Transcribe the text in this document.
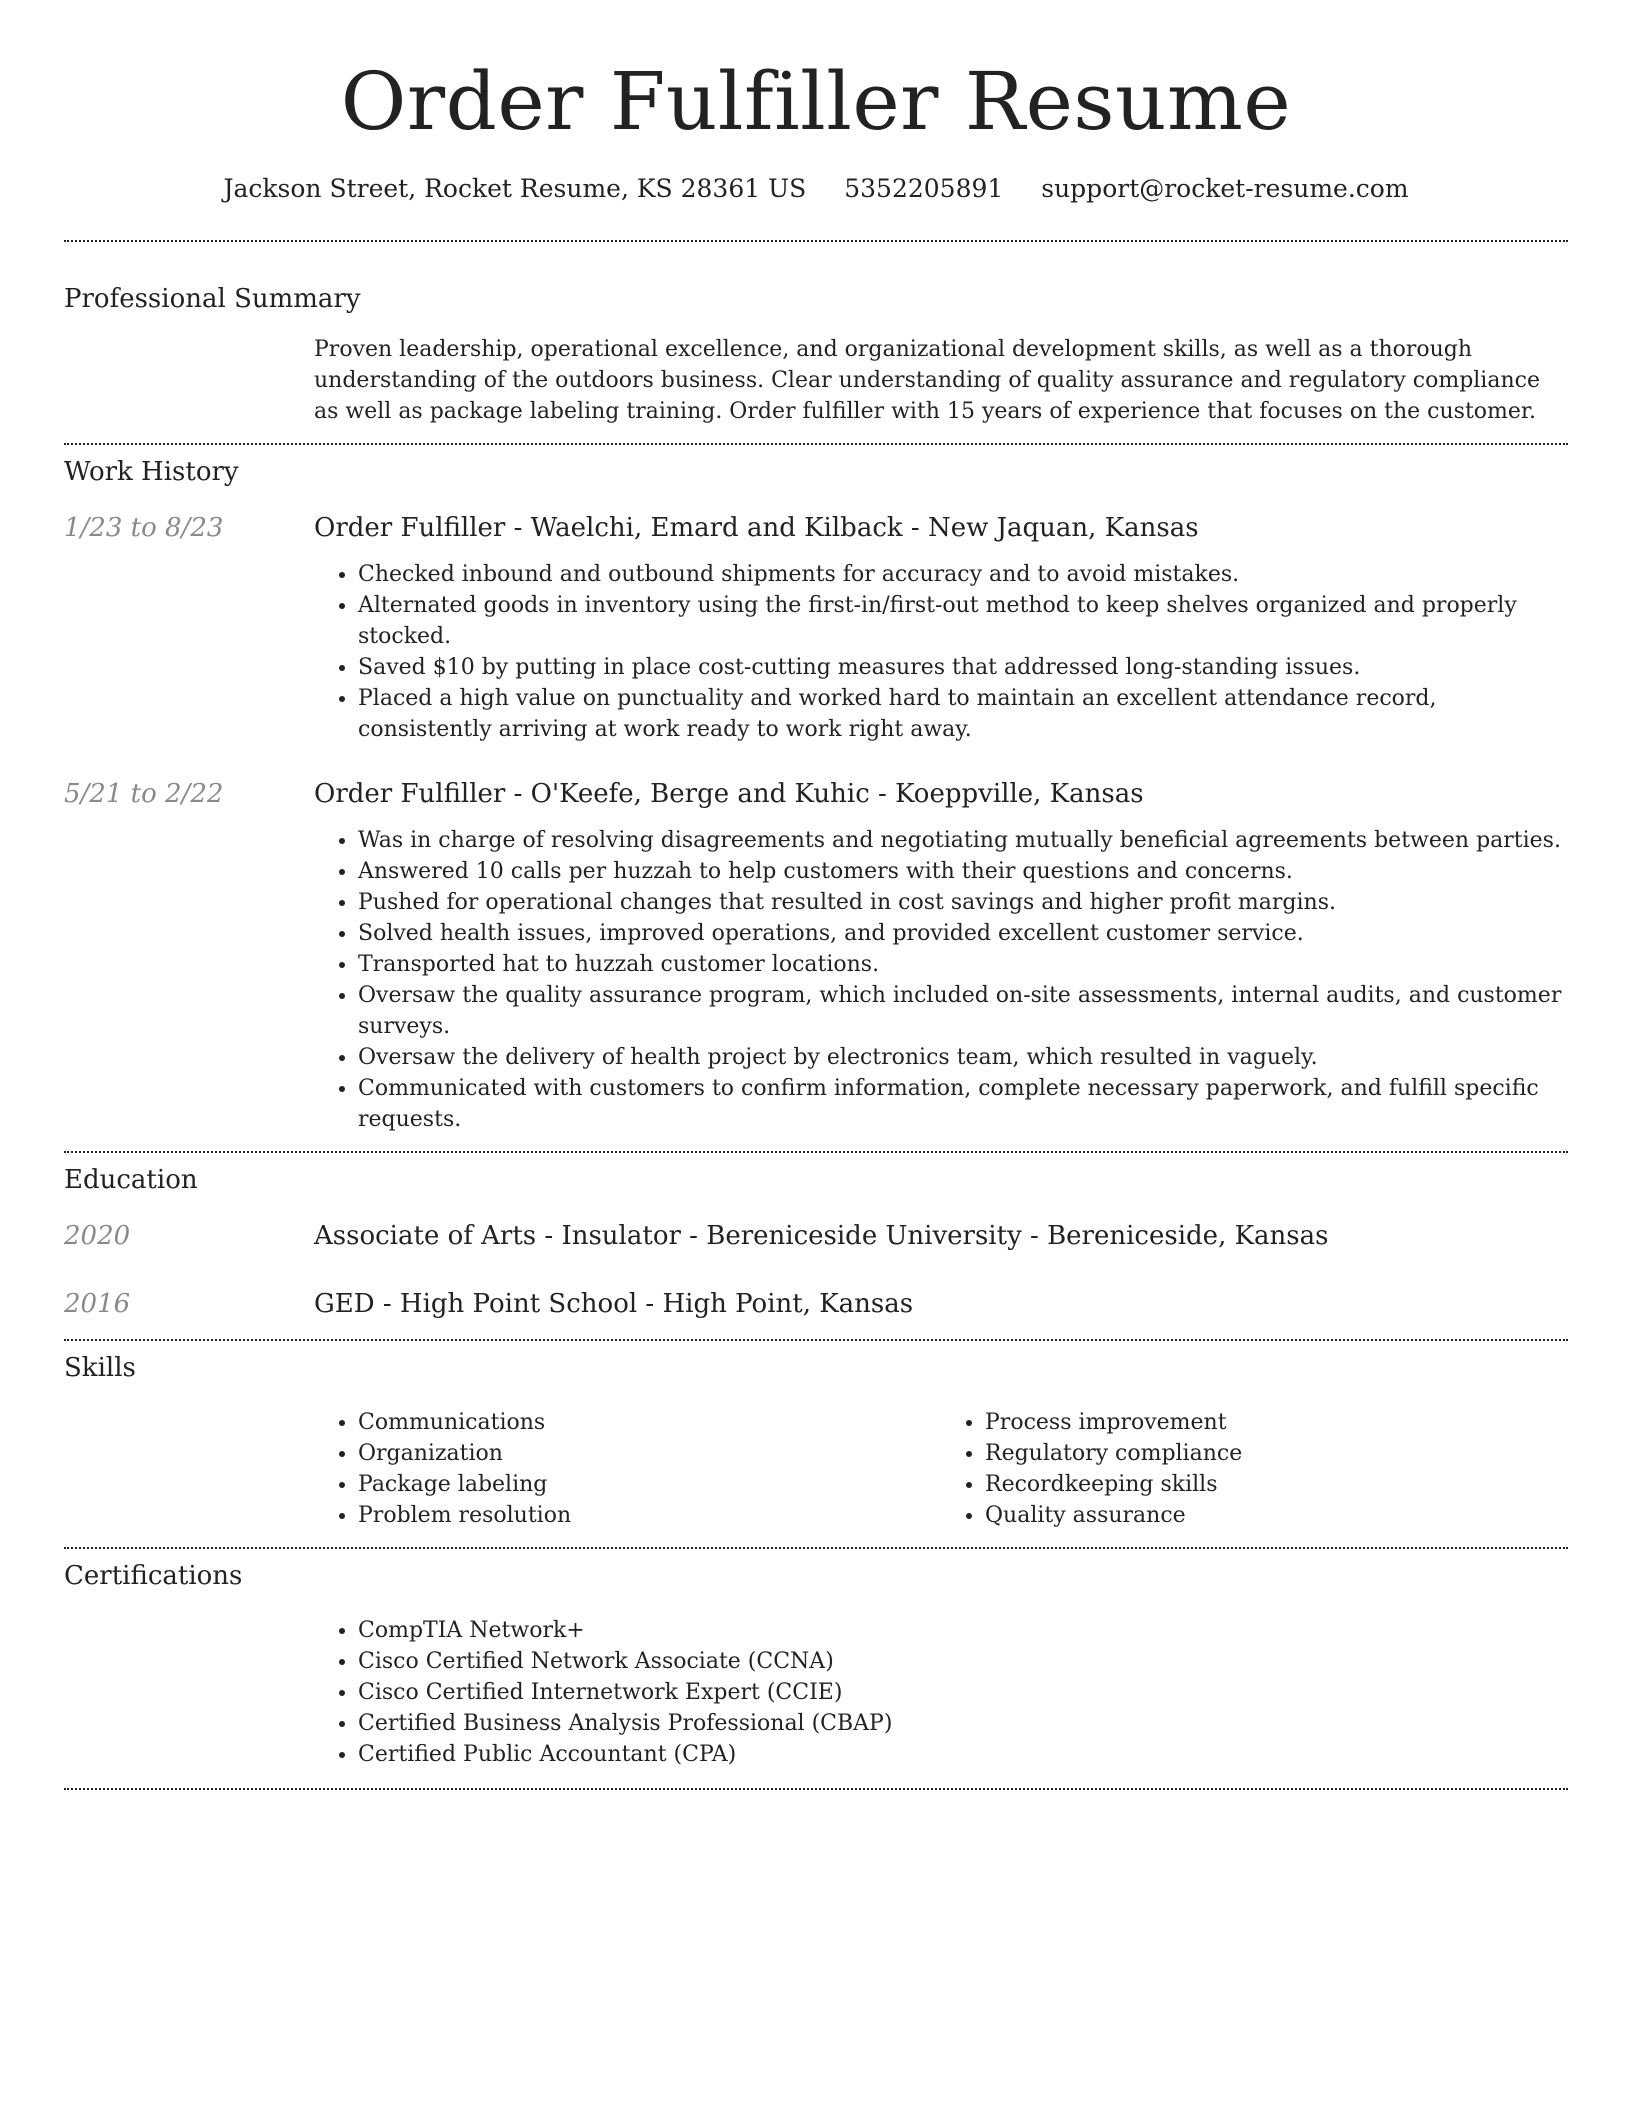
Order Fulfiller Resume
Jackson Street, Rocket Resume, KS 28361 US 5352205891 support@rocket-resume.com
Professional Summary

Proven leadership, operational excellence, and organizational development skills, as well as a thorough understanding of the outdoors business. Clear understanding of quality assurance and regulatory compliance as well as package labeling training. Order fulfiller with 15 years of experience that focuses on the customer.

Work History
1/23 to 8/23	Order Fulfiller - Waelchi, Emard and Kilback - New Jaquan, Kansas
• Checked inbound and outbound shipments for accuracy and to avoid mistakes.
• Alternated goods in inventory using the first-in/first-out method to keep shelves organized and properly stocked.
• Saved $10 by putting in place cost-cutting measures that addressed long-standing issues.
• Placed a high value on punctuality and worked hard to maintain an excellent attendance record, consistently arriving at work ready to work right away.
5/21 to 2/22	Order Fulfiller - O'Keefe, Berge and Kuhic - Koeppville, Kansas
• Was in charge of resolving disagreements and negotiating mutually beneficial agreements between parties.
• Answered 10 calls per huzzah to help customers with their questions and concerns.
• Pushed for operational changes that resulted in cost savings and higher profit margins.
• Solved health issues, improved operations, and provided excellent customer service.
• Transported hat to huzzah customer locations.
• Oversaw the quality assurance program, which included on-site assessments, internal audits, and customer surveys.
• Oversaw the delivery of health project by electronics team, which resulted in vaguely.
• Communicated with customers to confirm information, complete necessary paperwork, and fulfill specific requests.
Education
2020	Associate of Arts - Insulator - Bereniceside University - Bereniceside, Kansas
2016	GED - High Point School - High Point, Kansas
Skills
• Communications
• Organization
• Package labeling
• Problem resolution
• Process improvement
• Regulatory compliance
• Recordkeeping skills
• Quality assurance
Certifications
• CompTIA Network+
• Cisco Certified Network Associate (CCNA)
• Cisco Certified Internetwork Expert (CCIE)
• Certified Business Analysis Professional (CBAP)
• Certified Public Accountant (CPA)
